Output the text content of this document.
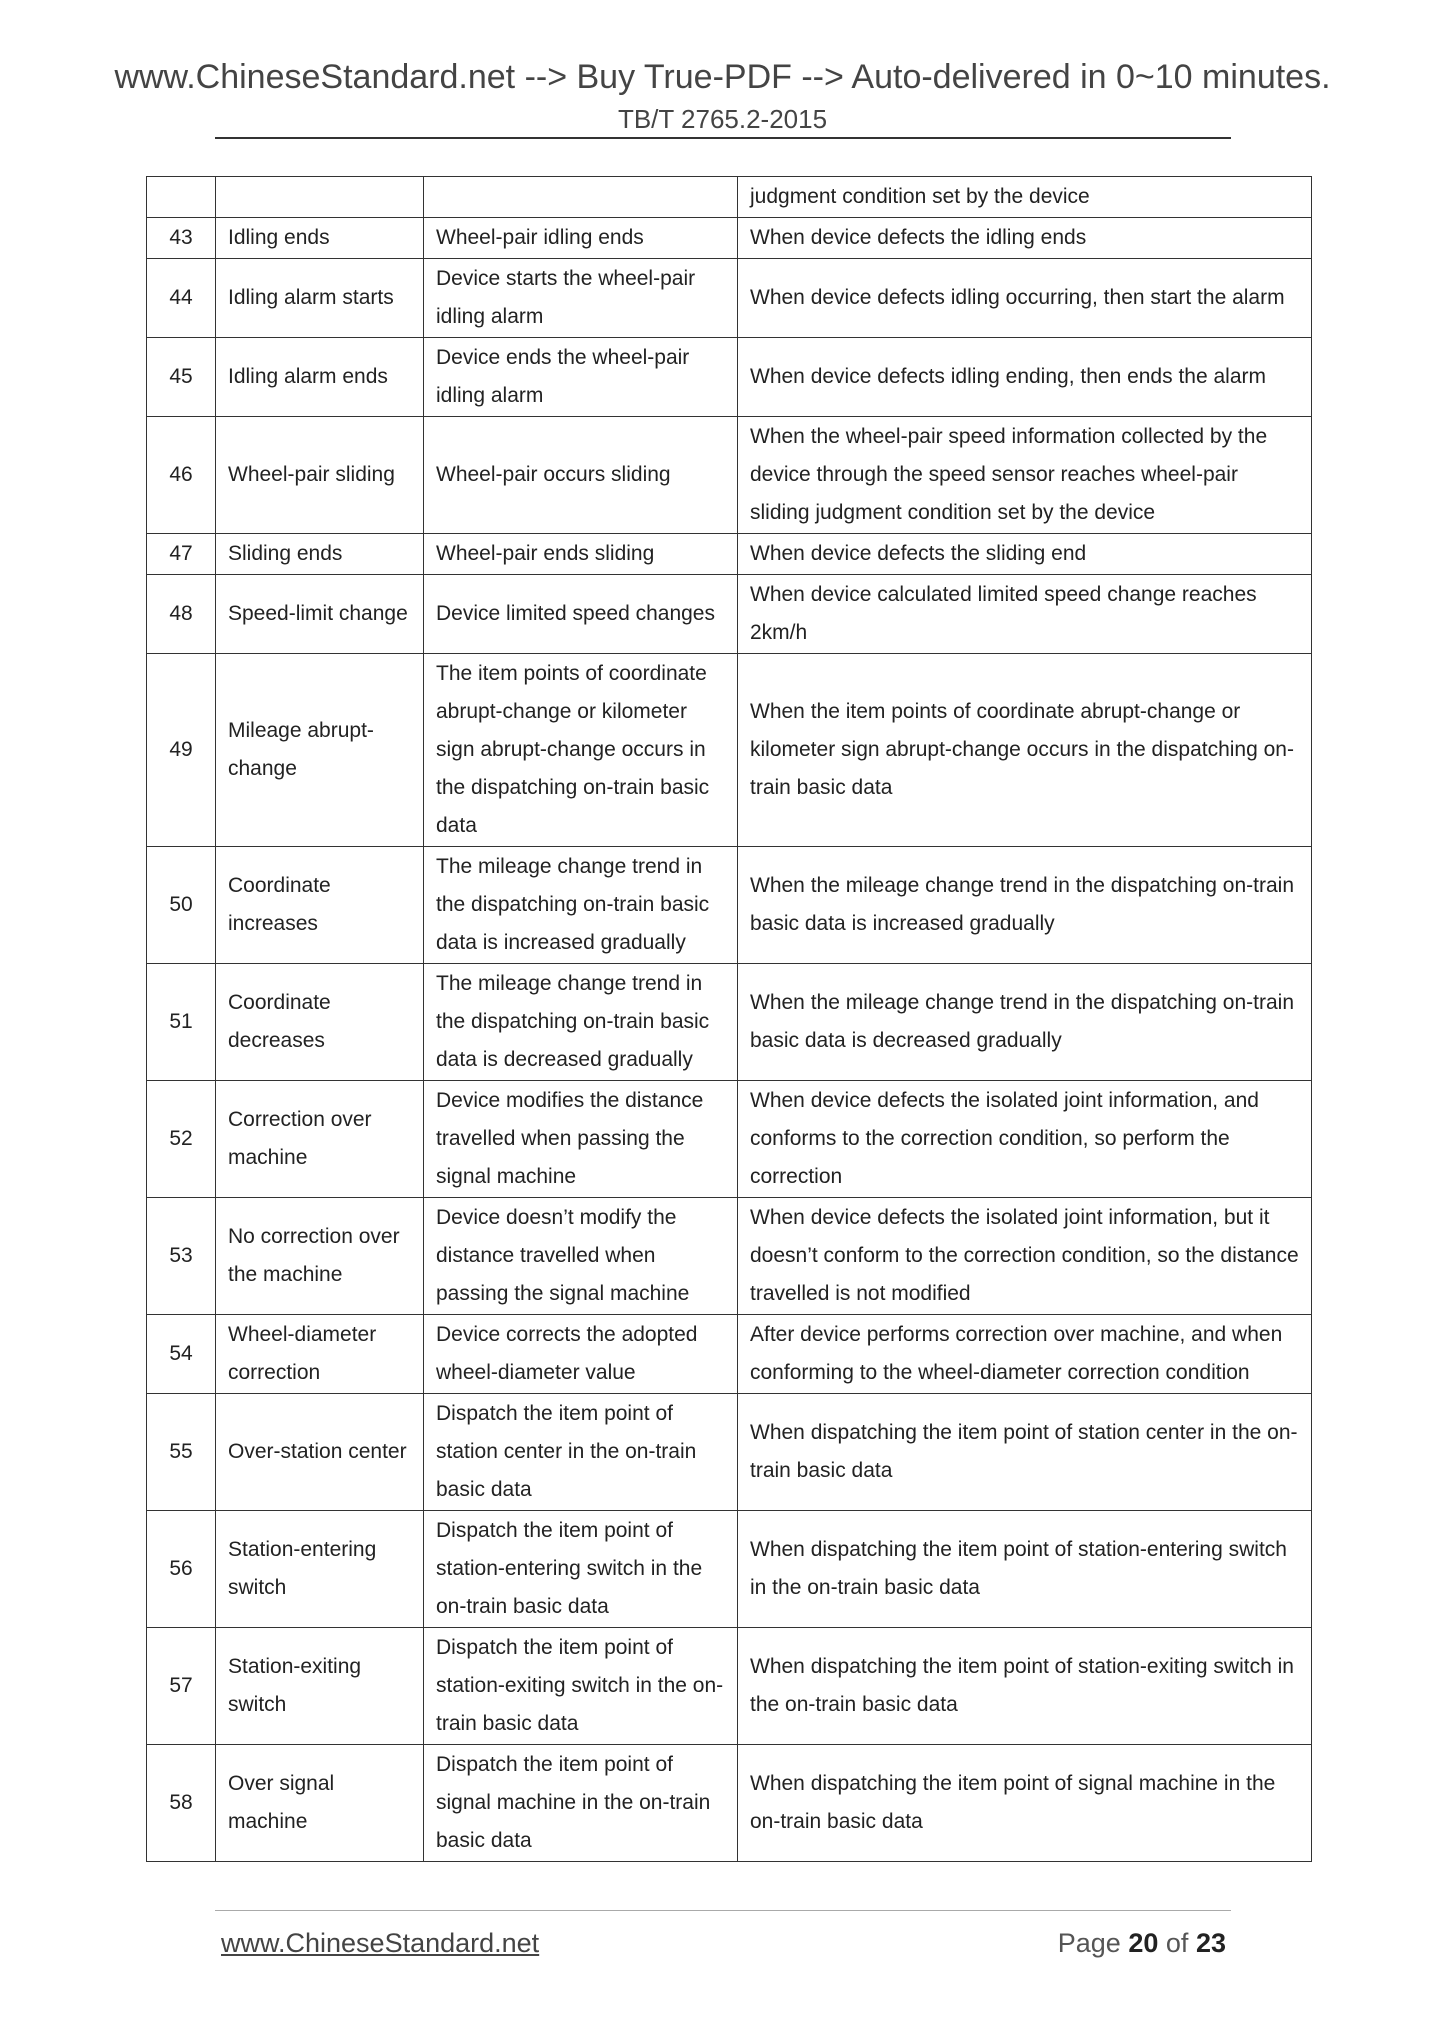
www.ChineseStandard.net --> Buy True-PDF --> Auto-delivered in 0~10 minutes.
TB/T 2765.2-2015
			judgment condition set by the device
43	Idling ends	Wheel-pair idling ends	When device defects the idling ends
44	Idling alarm starts	Device starts the wheel-pair idling alarm	When device defects idling occurring, then start the alarm
45	Idling alarm ends	Device ends the wheel-pair idling alarm	When device defects idling ending, then ends the alarm
46	Wheel-pair sliding	Wheel-pair occurs sliding	When the wheel-pair speed information collected by the device through the speed sensor reaches wheel-pair sliding judgment condition set by the device
47	Sliding ends	Wheel-pair ends sliding	When device defects the sliding end
48	Speed-limit change	Device limited speed changes	When device calculated limited speed change reaches 2km/h
49	Mileage abrupt-change	The item points of coordinate abrupt-change or kilometer sign abrupt-change occurs in the dispatching on-train basic data	When the item points of coordinate abrupt-change or kilometer sign abrupt-change occurs in the dispatching on-train basic data
50	Coordinate increases	The mileage change trend in the dispatching on-train basic data is increased gradually	When the mileage change trend in the dispatching on-train basic data is increased gradually
51	Coordinate decreases	The mileage change trend in the dispatching on-train basic data is decreased gradually	When the mileage change trend in the dispatching on-train basic data is decreased gradually
52	Correction over machine	Device modifies the distance travelled when passing the signal machine	When device defects the isolated joint information, and conforms to the correction condition, so perform the correction
53	No correction over the machine	Device doesn’t modify the distance travelled when passing the signal machine	When device defects the isolated joint information, but it doesn’t conform to the correction condition, so the distance travelled is not modified
54	Wheel-diameter correction	Device corrects the adopted wheel-diameter value	After device performs correction over machine, and when conforming to the wheel-diameter correction condition
55	Over-station center	Dispatch the item point of station center in the on-train basic data	When dispatching the item point of station center in the on-train basic data
56	Station-entering switch	Dispatch the item point of station-entering switch in the on-train basic data	When dispatching the item point of station-entering switch in the on-train basic data
57	Station-exiting switch	Dispatch the item point of station-exiting switch in the on-train basic data	When dispatching the item point of station-exiting switch in the on-train basic data
58	Over signal machine	Dispatch the item point of signal machine in the on-train basic data	When dispatching the item point of signal machine in the on-train basic data
www.ChineseStandard.net	Page 20 of 23
